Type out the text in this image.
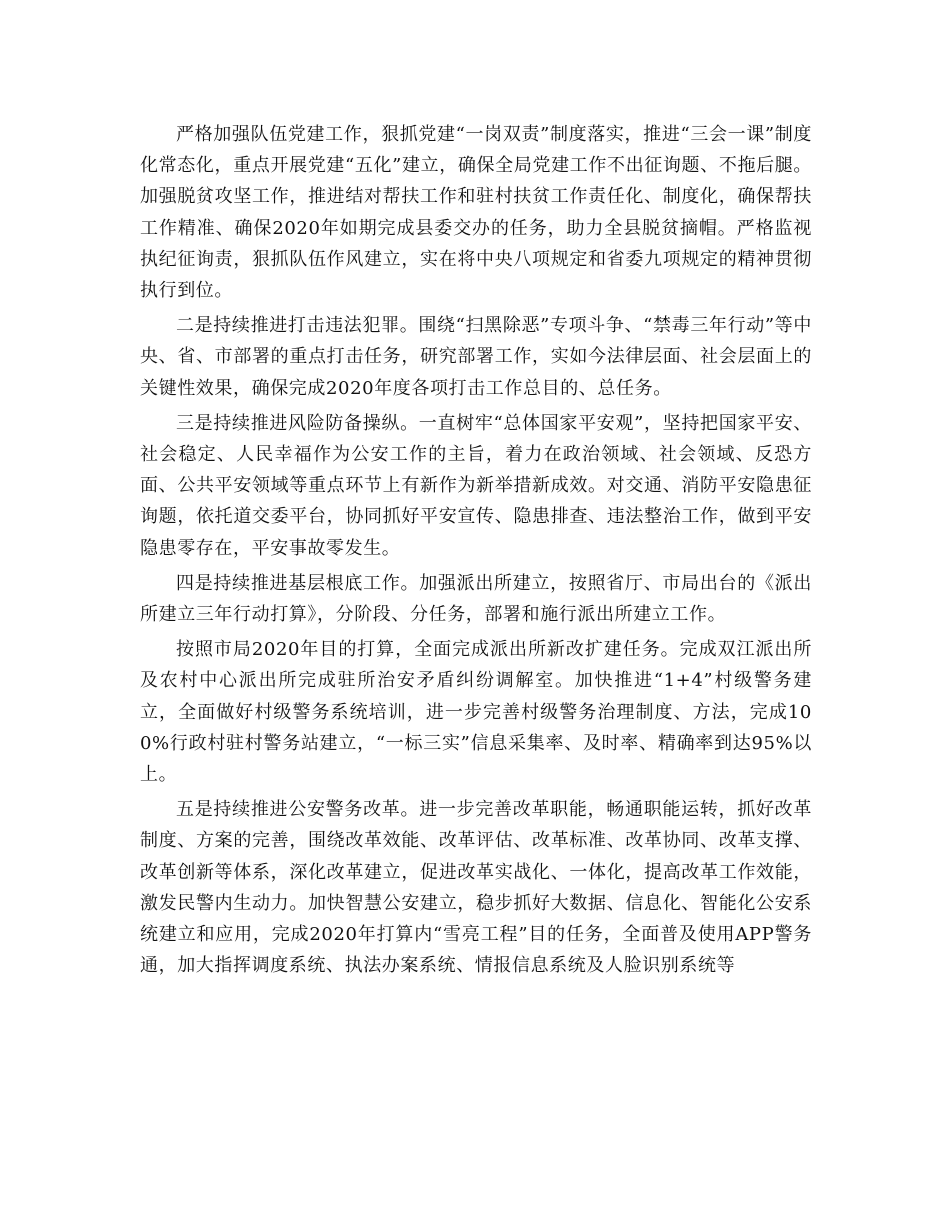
严格加强队伍党建工作，狠抓党建“一岗双责”制度落实，推进“三会一课”制度化常态化，重点开展党建“五化”建立，确保全局党建工作不出征询题、不拖后腿。加强脱贫攻坚工作，推进结对帮扶工作和驻村扶贫工作责任化、制度化，确保帮扶工作精准、确保2020年如期完成县委交办的任务，助力全县脱贫摘帽。严格监视执纪征询责，狠抓队伍作风建立，实在将中央八项规定和省委九项规定的精神贯彻执行到位。

二是持续推进打击违法犯罪。围绕“扫黑除恶”专项斗争、“禁毒三年行动”等中央、省、市部署的重点打击任务，研究部署工作，实如今法律层面、社会层面上的关键性效果，确保完成2020年度各项打击工作总目的、总任务。

三是持续推进风险防备操纵。一直树牢“总体国家平安观”，坚持把国家平安、社会稳定、人民幸福作为公安工作的主旨，着力在政治领域、社会领域、反恐方面、公共平安领域等重点环节上有新作为新举措新成效。对交通、消防平安隐患征询题，依托道交委平台，协同抓好平安宣传、隐患排查、违法整治工作，做到平安隐患零存在，平安事故零发生。

四是持续推进基层根底工作。加强派出所建立，按照省厅、市局出台的《派出所建立三年行动打算》，分阶段、分任务，部署和施行派出所建立工作。

按照市局2020年目的打算，全面完成派出所新改扩建任务。完成双江派出所及农村中心派出所完成驻所治安矛盾纠纷调解室。加快推进“1+4”村级警务建立，全面做好村级警务系统培训，进一步完善村级警务治理制度、方法，完成100%行政村驻村警务站建立，“一标三实”信息采集率、及时率、精确率到达95%以上。

五是持续推进公安警务改革。进一步完善改革职能，畅通职能运转，抓好改革制度、方案的完善，围绕改革效能、改革评估、改革标准、改革协同、改革支撑、改革创新等体系，深化改革建立，促进改革实战化、一体化，提高改革工作效能，激发民警内生动力。加快智慧公安建立，稳步抓好大数据、信息化、智能化公安系统建立和应用，完成2020年打算内“雪亮工程”目的任务，全面普及使用APP警务通，加大指挥调度系统、执法办案系统、情报信息系统及人脸识别系统等
